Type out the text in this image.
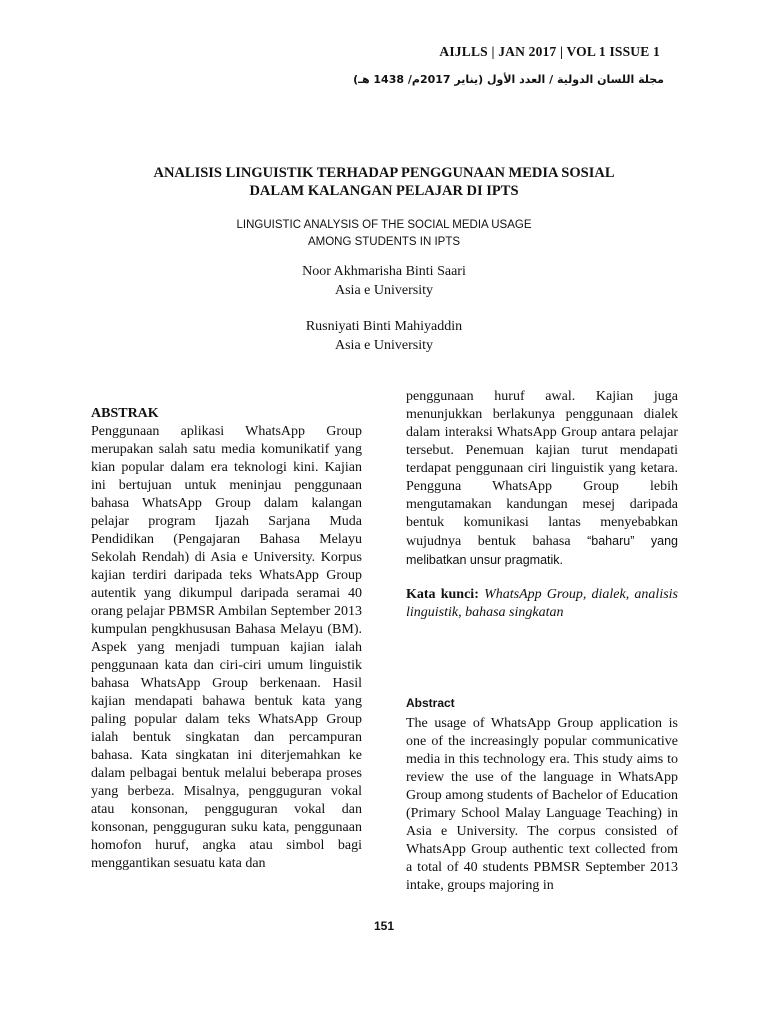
AIJLLS | JAN 2017 | VOL 1 ISSUE 1
مجلة اللسان الدولية / العدد الأول (يناير 2017م/ 1438 هـ)
ANALISIS LINGUISTIK TERHADAP PENGGUNAAN MEDIA SOSIAL
DALAM KALANGAN PELAJAR DI IPTS
LINGUISTIC ANALYSIS OF THE SOCIAL MEDIA USAGE
AMONG STUDENTS IN IPTS
Noor Akhmarisha Binti Saari
Asia e University
Rusniyati Binti Mahiyaddin
Asia e University

ABSTRAK

Penggunaan aplikasi WhatsApp Group merupakan salah satu media komunikatif yang kian popular dalam era teknologi kini. Kajian ini bertujuan untuk meninjau penggunaan bahasa WhatsApp Group dalam kalangan pelajar program Ijazah Sarjana Muda Pendidikan (Pengajaran Bahasa Melayu Sekolah Rendah) di Asia e University. Korpus kajian terdiri daripada teks WhatsApp Group autentik yang dikumpul daripada seramai 40 orang pelajar PBMSR Ambilan September 2013 kumpulan pengkhususan Bahasa Melayu (BM). Aspek yang menjadi tumpuan kajian ialah penggunaan kata dan ciri-ciri umum linguistik bahasa WhatsApp Group berkenaan. Hasil kajian mendapati bahawa bentuk kata yang paling popular dalam teks WhatsApp Group ialah bentuk singkatan dan percampuran bahasa. Kata singkatan ini diterjemahkan ke dalam pelbagai bentuk melalui beberapa proses yang berbeza. Misalnya, pengguguran vokal atau konsonan, pengguguran vokal dan konsonan, pengguguran suku kata, penggunaan homofon huruf, angka atau simbol bagi menggantikan sesuatu kata dan

penggunaan huruf awal. Kajian juga menunjukkan berlakunya penggunaan dialek dalam interaksi WhatsApp Group antara pelajar tersebut. Penemuan kajian turut mendapati terdapat penggunaan ciri linguistik yang ketara. Pengguna WhatsApp Group lebih mengutamakan kandungan mesej daripada bentuk komunikasi lantas menyebabkan wujudnya bentuk bahasa “baharu” yang melibatkan unsur pragmatik.

Kata kunci: WhatsApp Group, dialek, analisis linguistik, bahasa singkatan

Abstract

The usage of WhatsApp Group application is one of the increasingly popular communicative media in this technology era. This study aims to review the use of the language in WhatsApp Group among students of Bachelor of Education (Primary School Malay Language Teaching) in Asia e University. The corpus consisted of WhatsApp Group authentic text collected from a total of 40 students PBMSR September 2013 intake, groups majoring in

151
